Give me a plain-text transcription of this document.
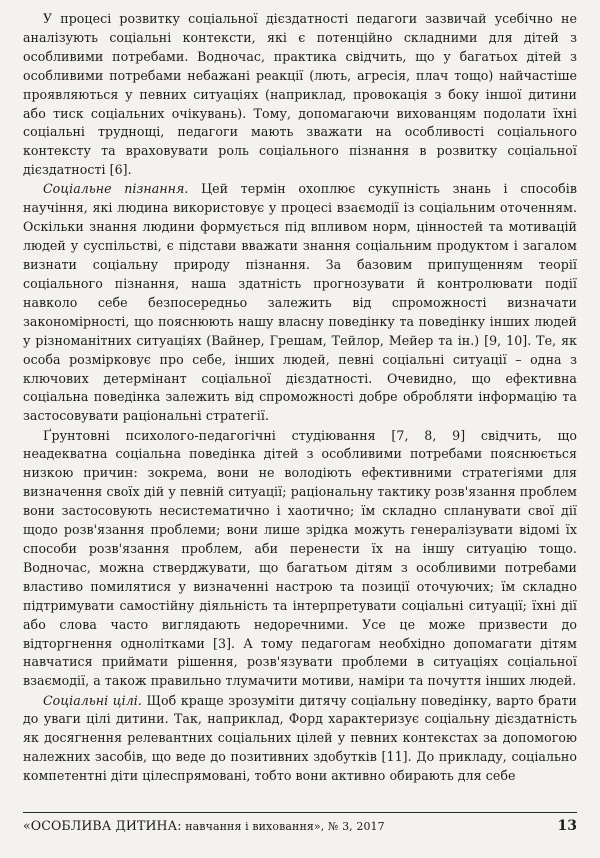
У процесі розвитку соціальної дієздатності педагоги зазвичай усебічно не аналізують соціальні контексти, які є потенційно складними для дітей з особливими потребами. Водночас, практика свідчить, що у багатьох дітей з особливими потребами небажані реакції (лють, агресія, плач тощо) найчастіше проявляються у певних ситуаціях (наприклад, провокація з боку іншої дитини або тиск соціальних очікувань). Тому, допомагаючи вихованцям подолати їхні соціальні труднощі, педагоги мають зважати на особливості соціального контексту та враховувати роль соціального пізнання в розвитку соціальної дієздатності [6].

Соціальне пізнання. Цей термін охоплює сукупність знань і способів научіння, які людина використовує у процесі взаємодії із соціальним оточенням. Оскільки знання людини формується під впливом норм, цінностей та мотивацій людей у суспільстві, є підстави вважати знання соціальним продуктом і загалом визнати соціальну природу пізнання. За базовим припущенням теорії соціального пізнання, наша здатність прогнозувати й контролювати події навколо себе безпосередньо залежить від спроможності визначати закономірності, що пояснюють нашу власну поведінку та поведінку інших людей у різноманітних ситуаціях (Вайнер, Грешам, Тейлор, Мейер та ін.) [9, 10]. Те, як особа розмірковує про себе, інших людей, певні соціальні ситуації – одна з ключових детермінант соціальної дієздатності. Очевидно, що ефективна соціальна поведінка залежить від спроможності добре обробляти інформацію та застосовувати раціональні стратегії.

Ґрунтовні психолого-педагогічні студіювання [7, 8, 9] свідчить, що неадекватна соціальна поведінка дітей з особливими потребами пояснюється низкою причин: зокрема, вони не володіють ефективними стратегіями для визначення своїх дій у певній ситуації; раціональну тактику розв'язання проблем вони застосовують несистематично і хаотично; їм складно спланувати свої дії щодо розв'язання проблеми; вони лише зрідка можуть генералізувати відомі їх способи розв'язання проблем, аби перенести їх на іншу ситуацію тощо. Водночас, можна стверджувати, що багатьом дітям з особливими потребами властиво помилятися у визначенні настрою та позиції оточуючих; їм складно підтримувати самостійну діяльність та інтерпретувати соціальні ситуації; їхні дії або слова часто виглядають недоречними. Усе це може призвести до відторгнення однолітками [3]. А тому педагогам необхідно допомагати дітям навчатися приймати рішення, розв'язувати проблеми в ситуаціях соціальної взаємодії, а також правильно тлумачити мотиви, наміри та почуття інших людей.

Соціальні цілі. Щоб краще зрозуміти дитячу соціальну поведінку, варто брати до уваги цілі дитини. Так, наприклад, Форд характеризує соціальну дієздатність як досягнення релевантних соціальних цілей у певних контекстах за допомогою належних засобів, що веде до позитивних здобутків [11]. До прикладу, соціально компетентні діти цілеспрямовані, тобто вони активно обирають для себе

«ОСОБЛИВА ДИТИНА: навчання і виховання», № 3, 2017	13
